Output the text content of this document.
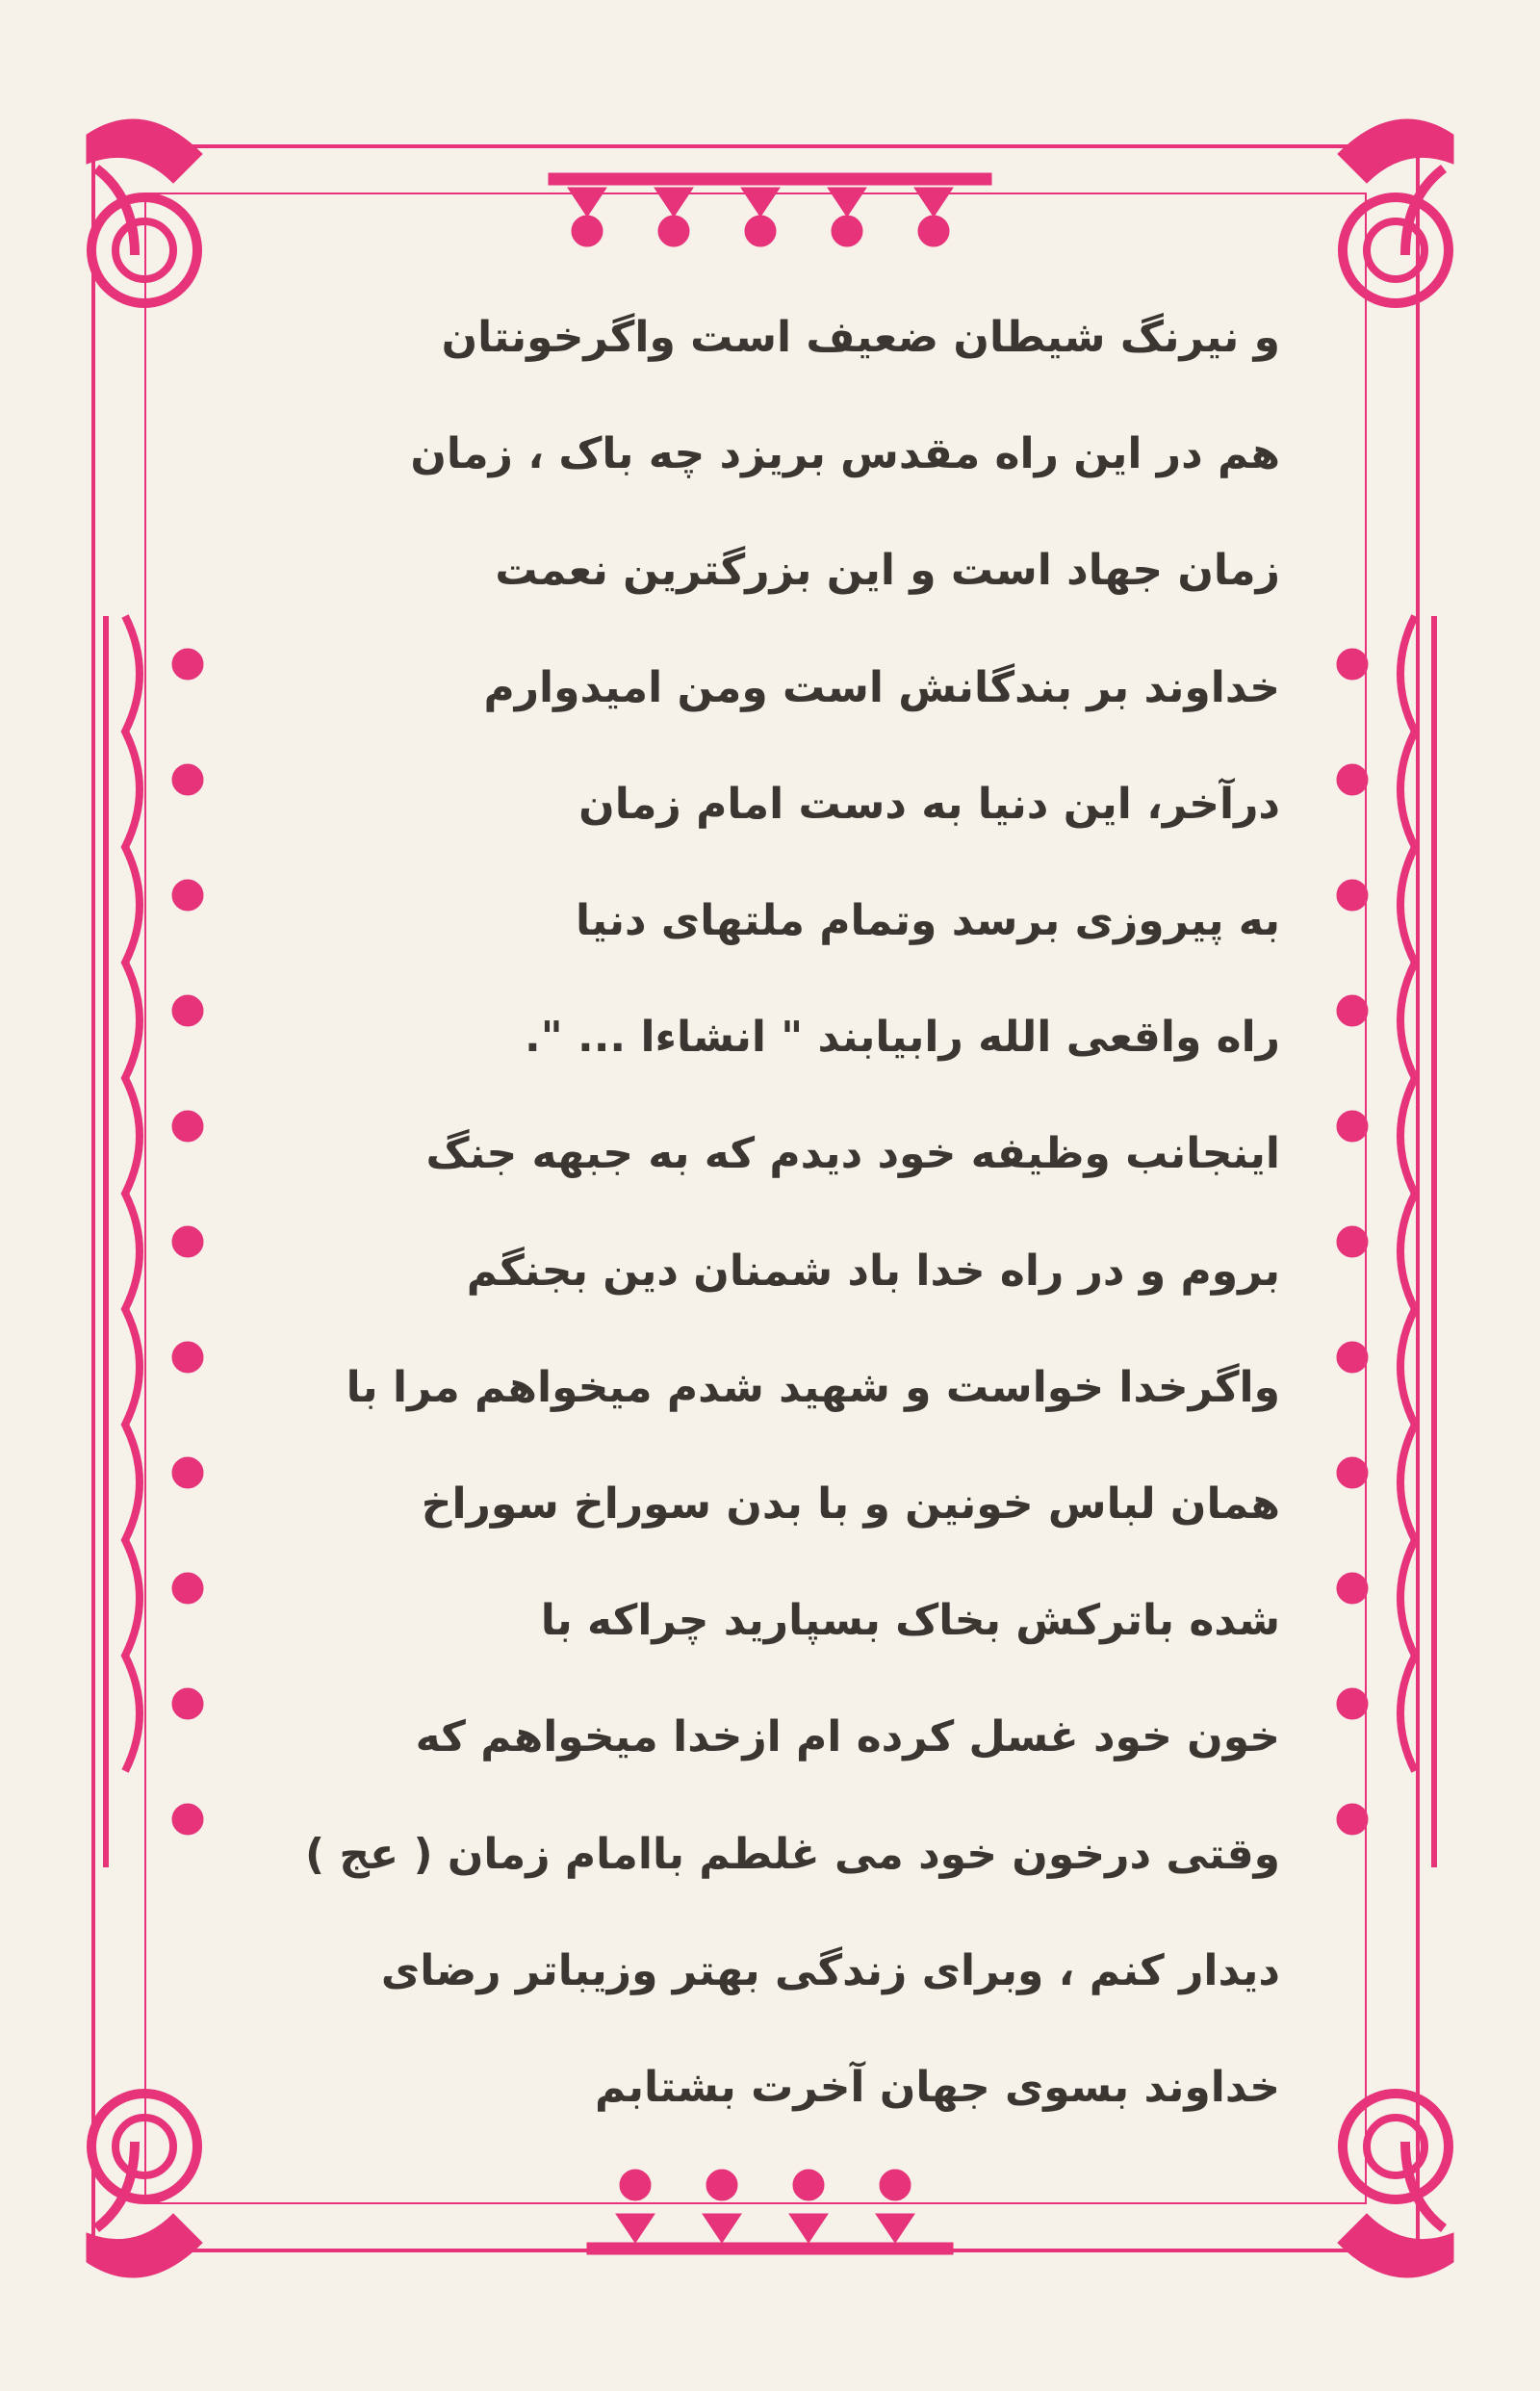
و نیرنگ شیطان ضعیف است واگرخونتان
هم در این راه مقدس بریزد چه باک ، زمان
زمان جهاد است و این بزرگترین نعمت
خداوند بر بندگانش است ومن امیدوارم
درآخر، این دنیا به دست امام زمان
به پیروزی برسد وتمام ملتهای دنیا
راه واقعی الله رابیابند " انشاءا ... ".
اینجانب وظیفه خود دیدم که به جبهه جنگ
بروم و در راه خدا باد شمنان دین بجنگم
واگرخدا خواست و شهید شدم میخواهم مرا با
همان لباس خونین و با بدن سوراخ سوراخ
شده باترکش بخاک بسپارید چراکه با
خون خود غسل کرده ام ازخدا میخواهم که
وقتی درخون خود می غلطم باامام زمان ( عج )
دیدار کنم ، وبرای زندگی بهتر وزیباتر رضای
خداوند بسوی جهان آخرت بشتابم
